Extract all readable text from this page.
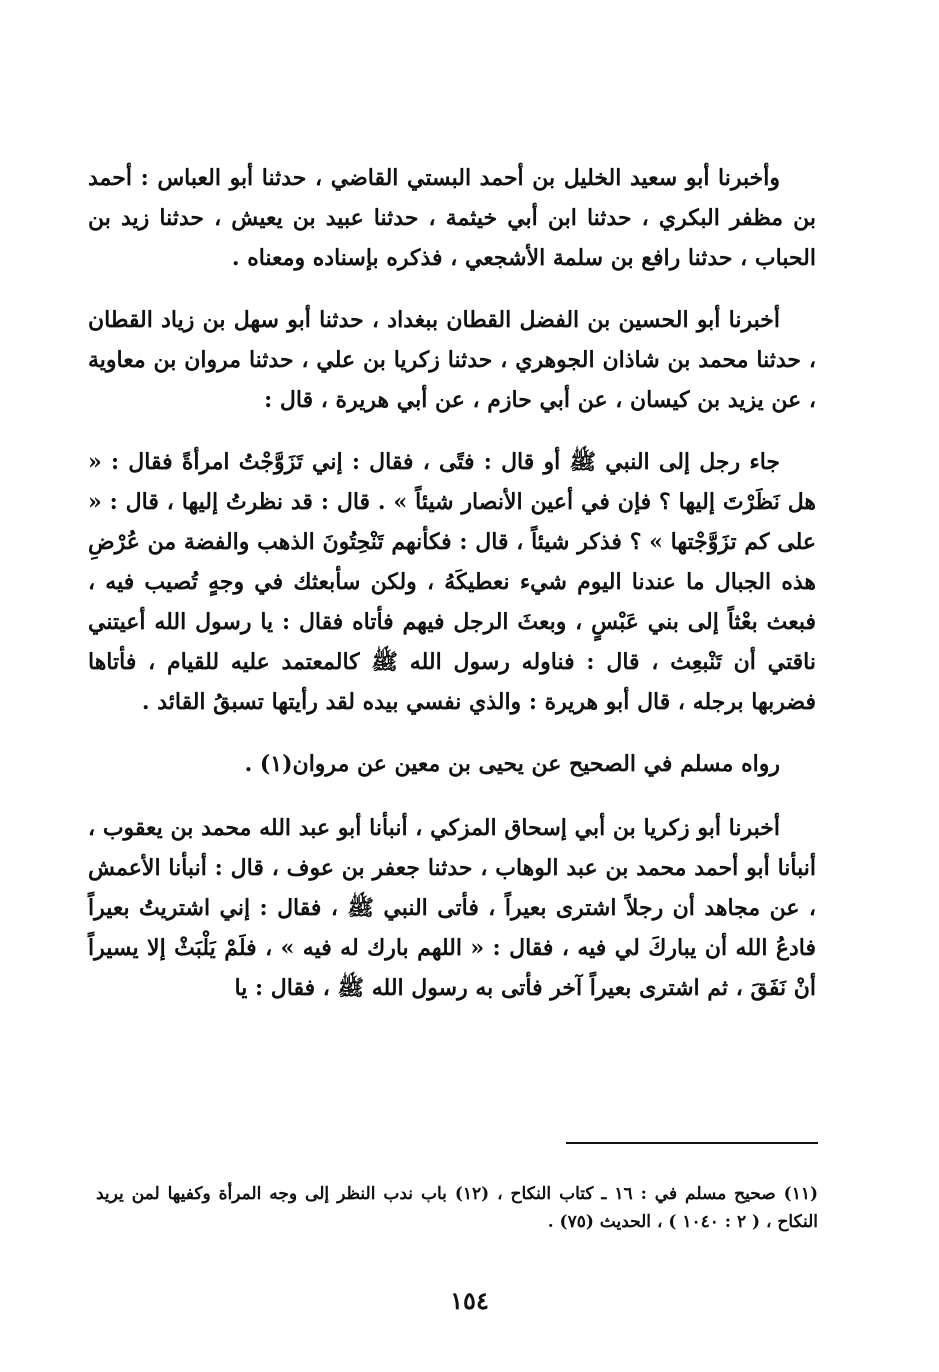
وأخبرنا أبو سعيد الخليل بن أحمد البستي القاضي ، حدثنا أبو العباس : أحمد بن مظفر البكري ، حدثنا ابن أبي خيثمة ، حدثنا عبيد بن يعيش ، حدثنا زيد بن الحباب ، حدثنا رافع بن سلمة الأشجعي ، فذكره بإسناده ومعناه .

أخبرنا أبو الحسين بن الفضل القطان ببغداد ، حدثنا أبو سهل بن زياد القطان ، حدثنا محمد بن شاذان الجوهري ، حدثنا زكريا بن علي ، حدثنا مروان بن معاوية ، عن يزيد بن كيسان ، عن أبي حازم ، عن أبي هريرة ، قال :

جاء رجل إلى النبي ﷺ أو قال : فتًى ، فقال : إني تَزَوَّجْتُ امرأةً فقال : « هل نَظَرْتَ إليها ؟ فإن في أعين الأنصار شيئاً » . قال : قد نظرتُ إليها ، قال : « على كم تزَوَّجْتها » ؟ فذكر شيئاً ، قال : فكأنهم تَنْحِتُونَ الذهب والفضة من عُرْضِ هذه الجبال ما عندنا اليوم شيء نعطيكَهُ ، ولكن سأبعثك في وجهٍ تُصيب فيه ، فبعث بعْثاً إلى بني عَبْسٍ ، وبعثَ الرجل فيهم فأتاه فقال : يا رسول الله أعيتني ناقتي أن تَنْبعِث ، قال : فناوله رسول الله ﷺ كالمعتمد عليه للقيام ، فأتاها فضربها برجله ، قال أبو هريرة : والذي نفسي بيده لقد رأيتها تسبقُ القائد .

رواه مسلم في الصحيح عن يحيى بن معين عن مروان(١) .

أخبرنا أبو زكريا بن أبي إسحاق المزكي ، أنبأنا أبو عبد الله محمد بن يعقوب ، أنبأنا أبو أحمد محمد بن عبد الوهاب ، حدثنا جعفر بن عوف ، قال : أنبأنا الأعمش ، عن مجاهد أن رجلاً اشترى بعيراً ، فأتى النبي ﷺ ، فقال : إني اشتريتُ بعيراً فادعُ الله أن يباركَ لي فيه ، فقال : « اللهم بارك له فيه » ، فلَمْ يَلْبَثْ إلا يسيراً أنْ نَفَقَ ، ثم اشترى بعيراً آخر فأتى به رسول الله ﷺ ، فقال : يا

(١١) صحيح مسلم في : ١٦ ـ كتاب النكاح ، (١٢) باب ندب النظر إلى وجه المرأة وكفيها لمن يريد النكاح ، ( ٢ : ١٠٤٠ ) ، الحديث (٧٥) .
١٥٤
